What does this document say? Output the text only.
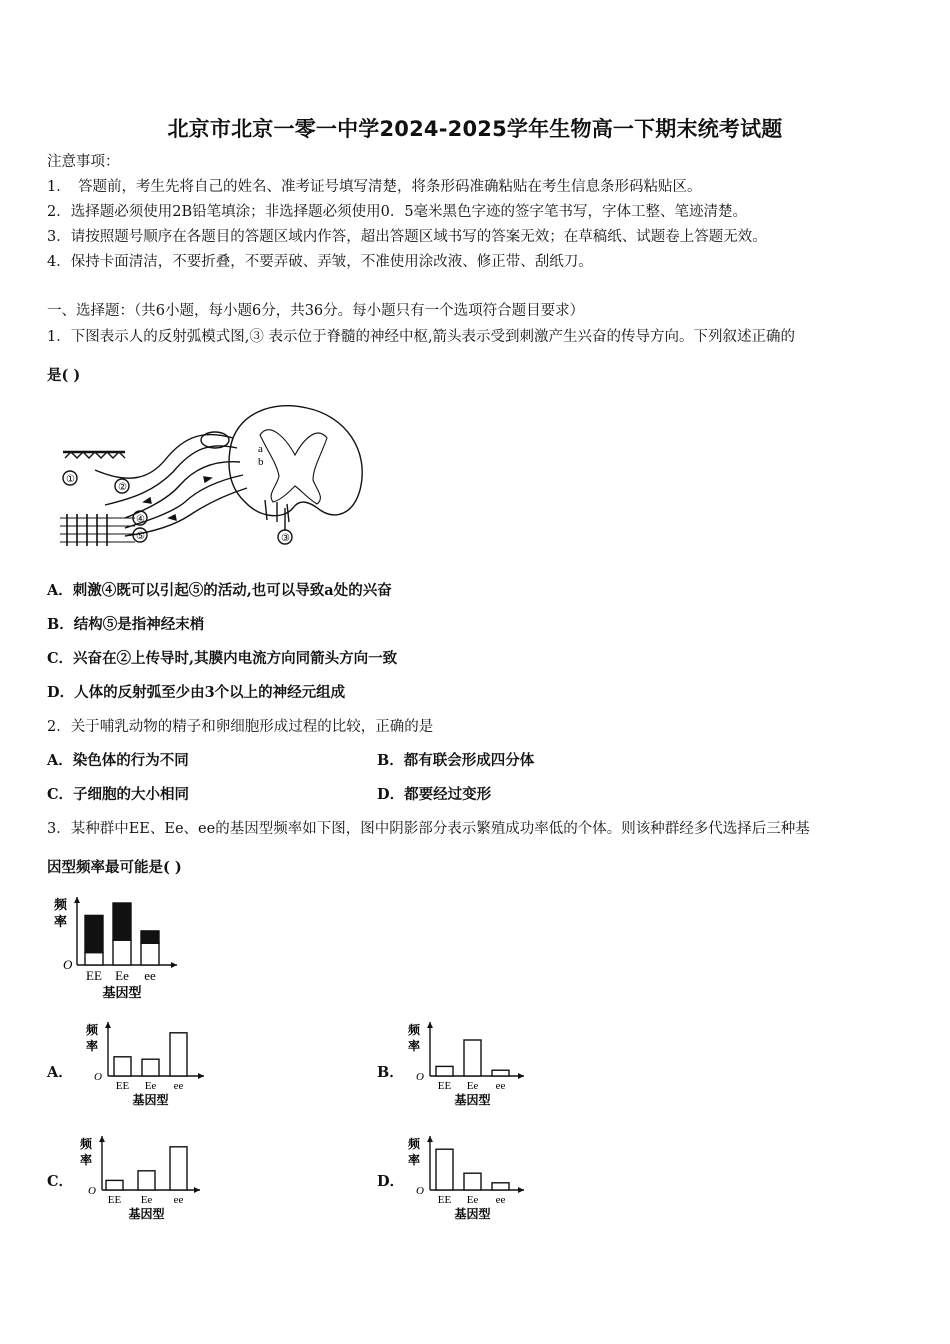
北京市北京一零一中学2024-2025学年生物高一下期末统考试题
注意事项：
1．　答题前，考生先将自己的姓名、准考证号填写清楚，将条形码准确粘贴在考生信息条形码粘贴区。
2．选择题必须使用2B铅笔填涂；非选择题必须使用0．5毫米黑色字迹的签字笔书写，字体工整、笔迹清楚。
3．请按照题号顺序在各题目的答题区域内作答，超出答题区域书写的答案无效；在草稿纸、试题卷上答题无效。
4．保持卡面清洁，不要折叠，不要弄破、弄皱，不准使用涂改液、修正带、刮纸刀。
一、选择题：（共6小题，每小题6分，共36分。每小题只有一个选项符合题目要求）
1．下图表示人的反射弧模式图,③ 表示位于脊髓的神经中枢,箭头表示受到刺激产生兴奋的传导方向。下列叙述正确的
是( )
①
②
④
⑤	③
a
b
A．刺激④既可以引起⑤的活动,也可以导致a处的兴奋
B．结构⑤是指神经末梢
C．兴奋在②上传导时,其膜内电流方向同箭头方向一致
D．人体的反射弧至少由3个以上的神经元组成
2．关于哺乳动物的精子和卵细胞形成过程的比较，正确的是
A．染色体的行为不同	B．都有联会形成四分体
C．子细胞的大小相同	D．都要经过变形
3．某种群中EE、Ee、ee的基因型频率如下图，图中阴影部分表示繁殖成功率低的个体。则该种群经多代选择后三种基
因型频率最可能是( )
A．	B．
C．	D．
频
率
O
EE Ee ee
基因型
频
率
O
EE Ee ee
基因型
频
率
O
EE Ee ee
基因型
频
率
O
EE Ee ee
基因型
频
率
O
EE Ee ee
基因型
